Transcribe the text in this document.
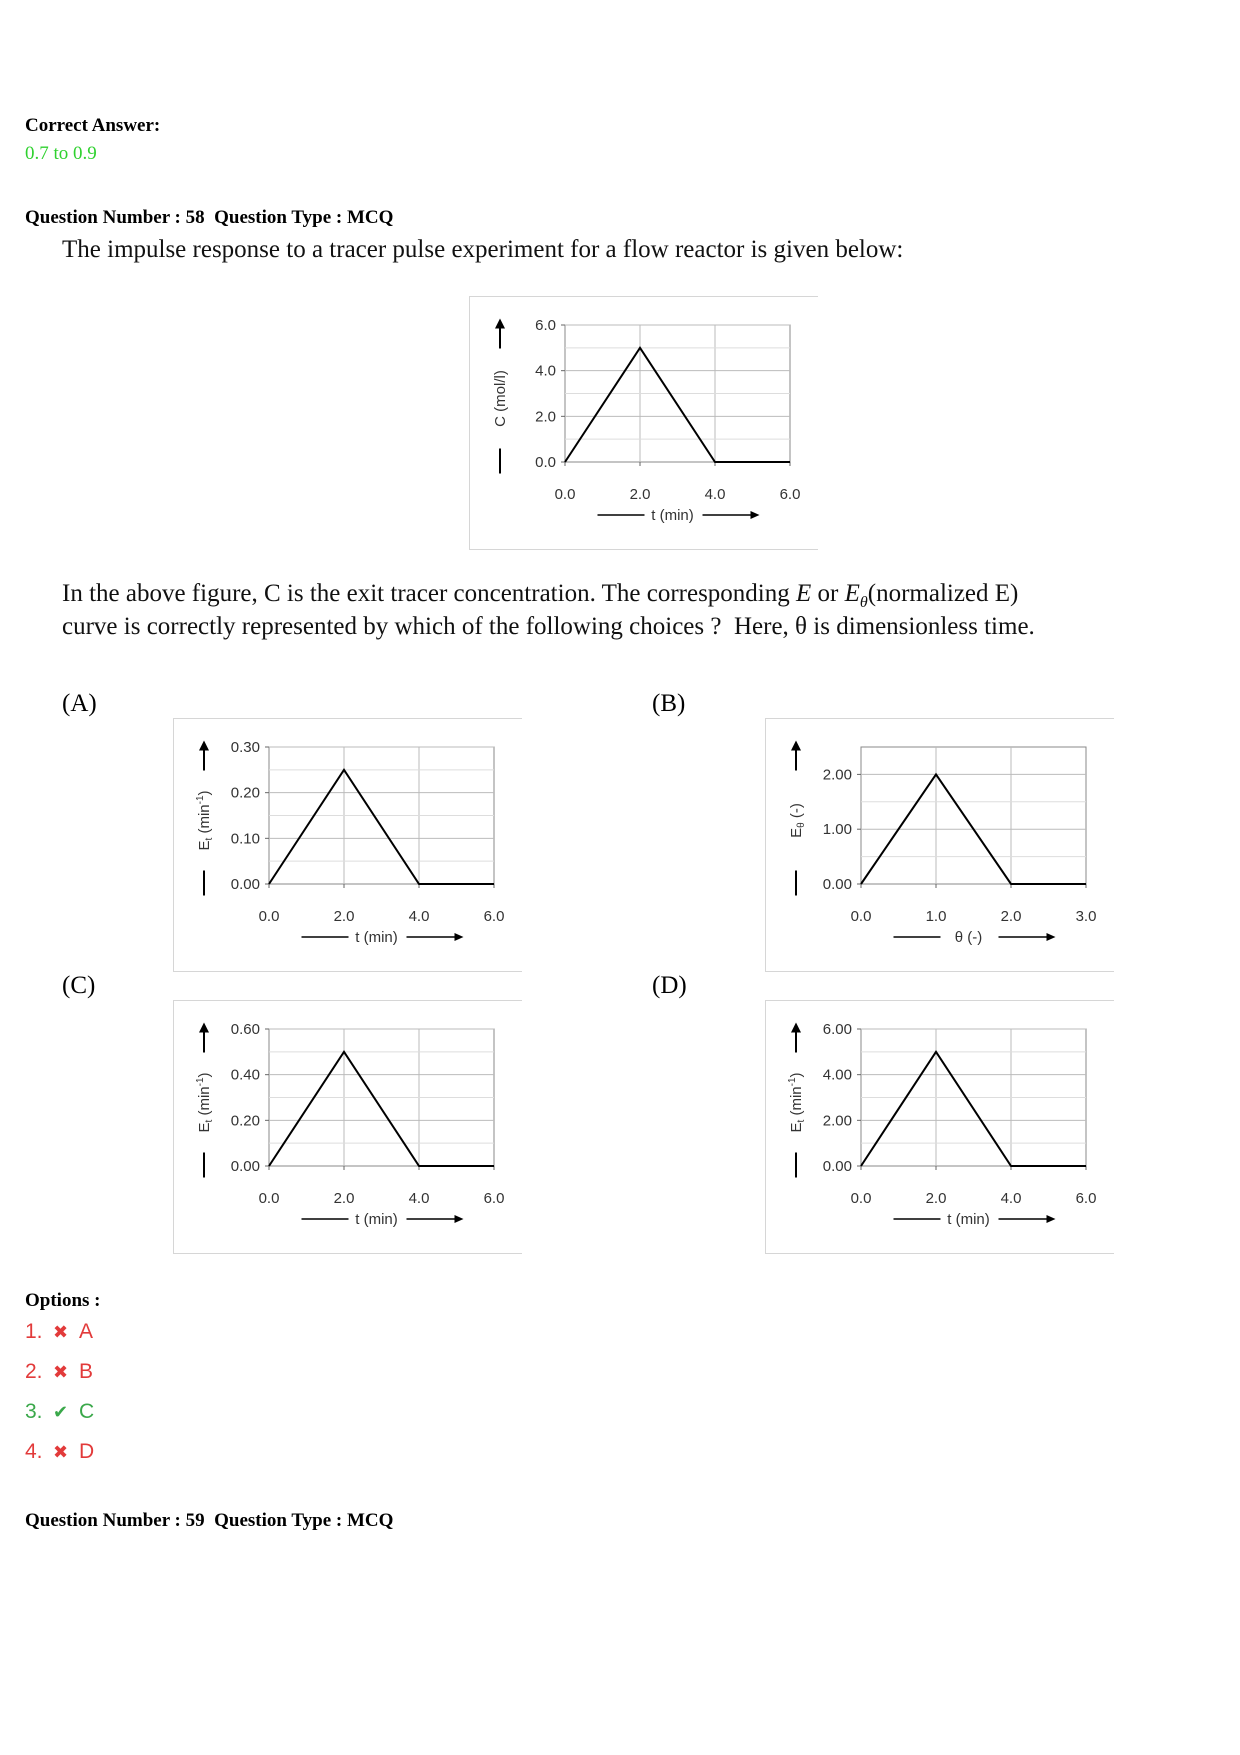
Correct Answer:
0.7 to 0.9
Question Number : 58  Question Type : MCQ
The impulse response to a tracer pulse experiment for a flow reactor is given below:
0.0	2.0	4.0	6.0
0.0
2.0
4.0
6.0
t (min)
C (mol/l)
In the above figure, C is the exit tracer concentration. The corresponding E or $E_\theta(normalized$ E)
curve is correctly represented by which of the following choices ?  Here, θ is dimensionless time.
(A)	(B)
(C)	(D)
0.0	2.0	4.0	6.0
0.00
0.10
0.20
0.30
t (min)
$E_t$ $(\min^{-1})$
0.0	1.0	2.0	3.0
0.00
1.00
2.00
θ (-)
$E_\theta$ (-)
0.0	2.0	4.0	6.0
0.00
0.20
0.40
0.60
t (min)
$E_t$ $(\min^{-1})$
0.0	2.0	4.0	6.0
0.00
2.00
4.00
6.00
t (min)
$E_t$ $(\min^{-1})$
Options :
1. ✖ A
2. ✖ B
3. ✔ C
4. ✖ D
Question Number : 59  Question Type : MCQ
